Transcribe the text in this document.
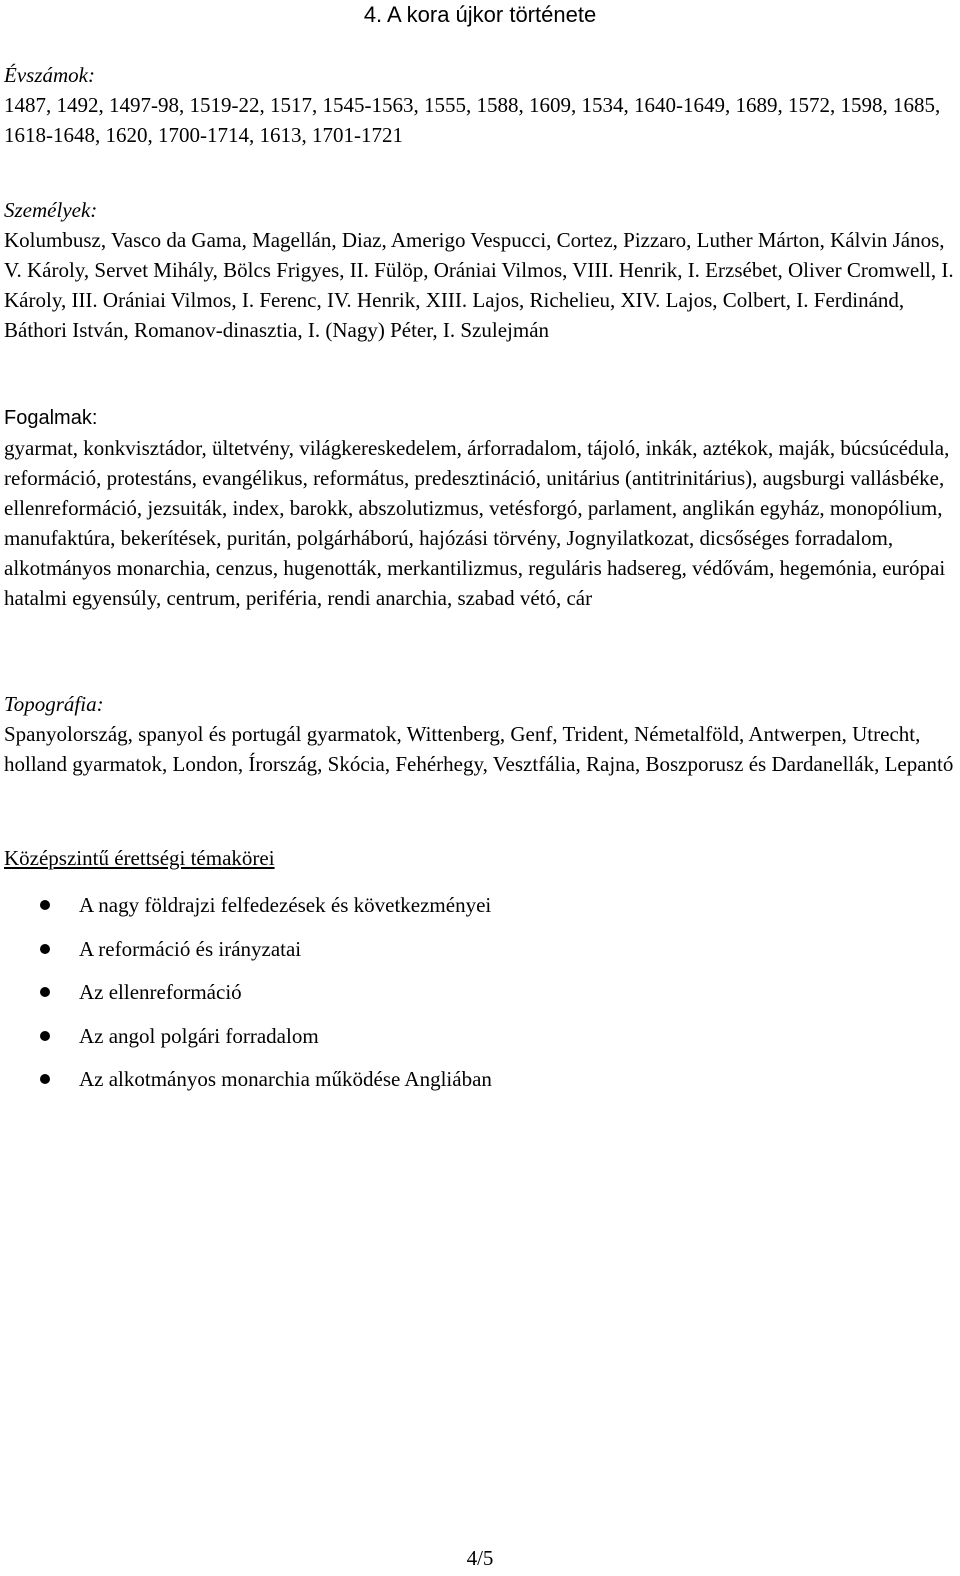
4. A kora újkor története

Évszámok:

1487, 1492, 1497-98, 1519-22, 1517, 1545-1563, 1555, 1588, 1609, 1534, 1640-1649, 1689, 1572, 1598, 1685, 1618-1648, 1620, 1700-1714, 1613, 1701-1721

Személyek:

Kolumbusz, Vasco da Gama, Magellán, Diaz, Amerigo Vespucci, Cortez, Pizzaro, Luther Márton, Kálvin János, V. Károly, Servet Mihály, Bölcs Frigyes, II. Fülöp, Orániai Vilmos, VIII. Henrik, I. Erzsébet, Oliver Cromwell, I. Károly, III. Orániai Vilmos, I. Ferenc, IV. Henrik, XIII. Lajos, Richelieu, XIV. Lajos, Colbert, I. Ferdinánd, Báthori István, Romanov-dinasztia, I. (Nagy) Péter, I. Szulejmán

Fogalmak:

gyarmat, konkvisztádor, ültetvény, világkereskedelem, árforradalom, tájoló, inkák, aztékok, maják, búcsúcédula, reformáció, protestáns, evangélikus, református, predesztináció, unitárius (antitrinitárius), augsburgi vallásbéke, ellenreformáció, jezsuiták, index, barokk, abszolutizmus, vetésforgó, parlament, anglikán egyház, monopólium, manufaktúra, bekerítések, puritán, polgárháború, hajózási törvény, Jognyilatkozat, dicsőséges forradalom, alkotmányos monarchia, cenzus, hugenották, merkantilizmus, reguláris hadsereg, védővám, hegemónia, európai hatalmi egyensúly, centrum, periféria, rendi anarchia, szabad vétó, cár

Topográfia:

Spanyolország, spanyol és portugál gyarmatok, Wittenberg, Genf, Trident, Németalföld, Antwerpen, Utrecht, holland gyarmatok, London, Írország, Skócia, Fehérhegy, Vesztfália, Rajna, Boszporusz és Dardanellák, Lepantó

Középszintű érettségi témakörei

A nagy földrajzi felfedezések és következményei
A reformáció és irányzatai
Az ellenreformáció
Az angol polgári forradalom
Az alkotmányos monarchia működése Angliában
4/5
